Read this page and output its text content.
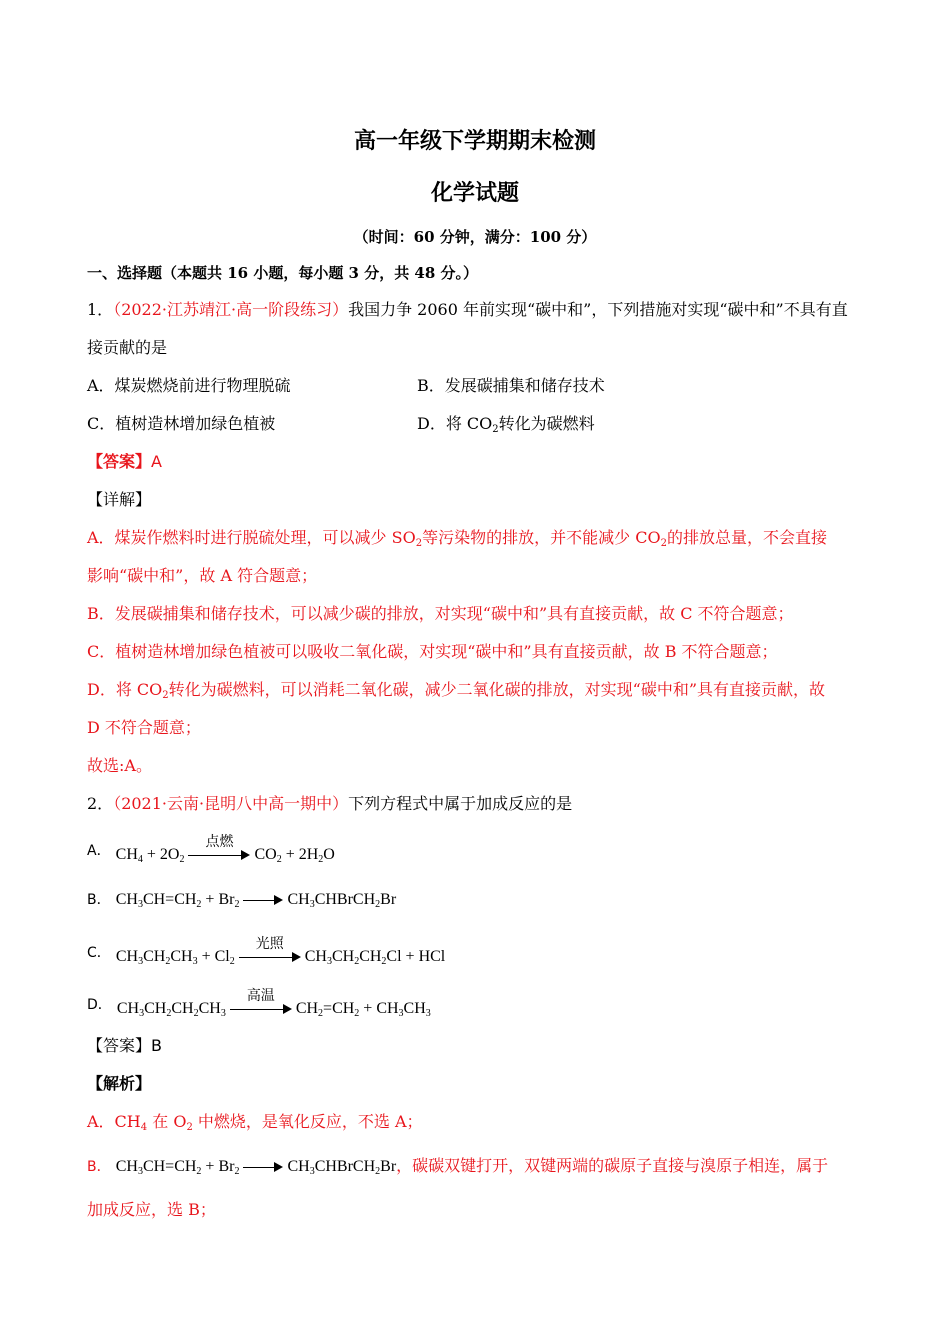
高一年级下学期期末检测
化学试题
（时间：60 分钟，满分：100 分）
一、选择题（本题共 16 小题，每小题 3 分，共 48 分。）
1．（2022·江苏靖江·高一阶段练习）我国力争 2060 年前实现“碳中和”，下列措施对实现“碳中和”不具有直
接贡献的是
A．煤炭燃烧前进行物理脱硫	B．发展碳捕集和储存技术
C．植树造林增加绿色植被	D．将 $CO_2$转化为碳燃料
【答案】A
【详解】
A．煤炭作燃料时进行脱硫处理，可以减少 $SO_2$等污染物的排放，并不能减少 $CO_2$的排放总量，不会直接
影响“碳中和”，故 A 符合题意；
B．发展碳捕集和储存技术，可以减少碳的排放，对实现“碳中和”具有直接贡献，故 C 不符合题意；
C．植树造林增加绿色植被可以吸收二氧化碳，对实现“碳中和”具有直接贡献，故 B 不符合题意；
D．将 $CO_2$转化为碳燃料，可以消耗二氧化碳，减少二氧化碳的排放，对实现“碳中和”具有直接贡献，故
D 不符合题意；
故选:A。
2．（2021·云南·昆明八中高一期中）下列方程式中属于加成反应的是
A． $CH_4 + 2O_2$
点燃
$CO_2 + 2H_2O$
B． $CH_3CH=CH_2 + Br_2$	$CH_3CHBrCH_2Br$
C． $CH_3CH_2CH_3 + Cl_2$
光照
$CH_3CH_2CH_2Cl$ + HCl
D． $CH_3CH_2CH_2CH_3$
高温
$CH_2=CH_2 + CH_3CH_3$
【答案】B
【解析】
A．$CH_4$ 在 $O_2$ 中燃烧，是氧化反应，不选 A；
B． $CH_3CH=CH_2 + Br_2$	$CH_3CHBrCH_2Br$，碳碳双键打开，双键两端的碳原子直接与溴原子相连，属于
加成反应，选 B；
